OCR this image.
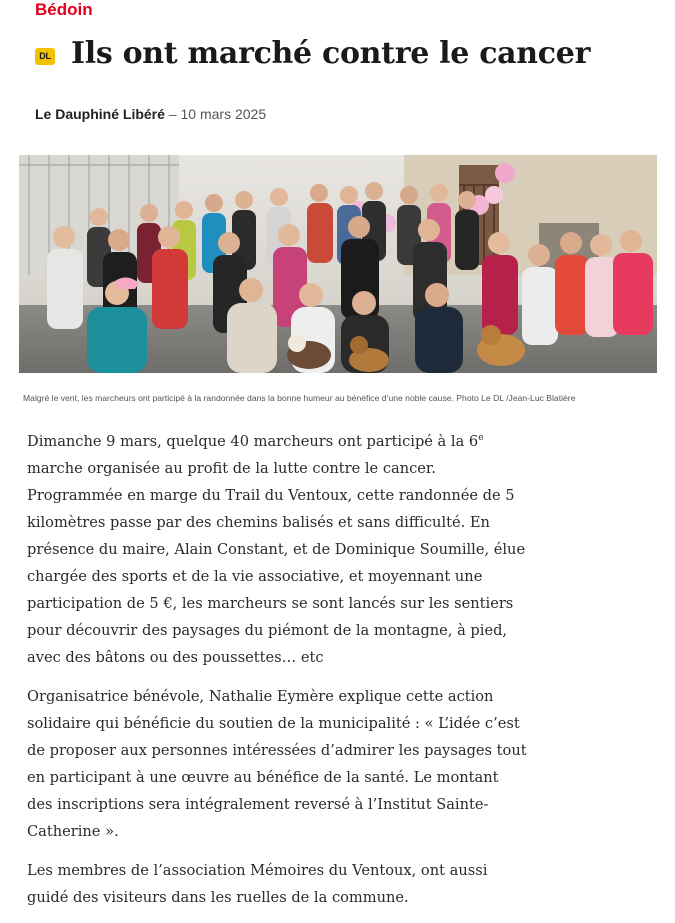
Bédoin
DL Ils ont marché contre le cancer
Le Dauphiné Libéré – 10 mars 2025
Malgré le vent, les marcheurs ont participé à la randonnée dans la bonne humeur au bénéfice d’une noble cause. Photo Le DL /Jean-Luc Blatière

Dimanche 9 mars, quelque 40 marcheurs ont participé à la 6e marche organisée au profit de la lutte contre le cancer. Programmée en marge du Trail du Ventoux, cette randonnée de 5 kilomètres passe par des chemins balisés et sans difficulté. En présence du maire, Alain Constant, et de Dominique Soumille, élue chargée des sports et de la vie associative, et moyennant une participation de 5 €, les marcheurs se sont lancés sur les sentiers pour découvrir des paysages du piémont de la montagne, à pied, avec des bâtons ou des poussettes… etc

Organisatrice bénévole, Nathalie Eymère explique cette action solidaire qui bénéficie du soutien de la municipalité : « L’idée c’est de proposer aux personnes intéressées d’admirer les paysages tout en participant à une œuvre au bénéfice de la santé. Le montant des inscriptions sera intégralement reversé à l’Institut Sainte-Catherine ».

Les membres de l’association Mémoires du Ventoux, ont aussi guidé des visiteurs dans les ruelles de la commune.
